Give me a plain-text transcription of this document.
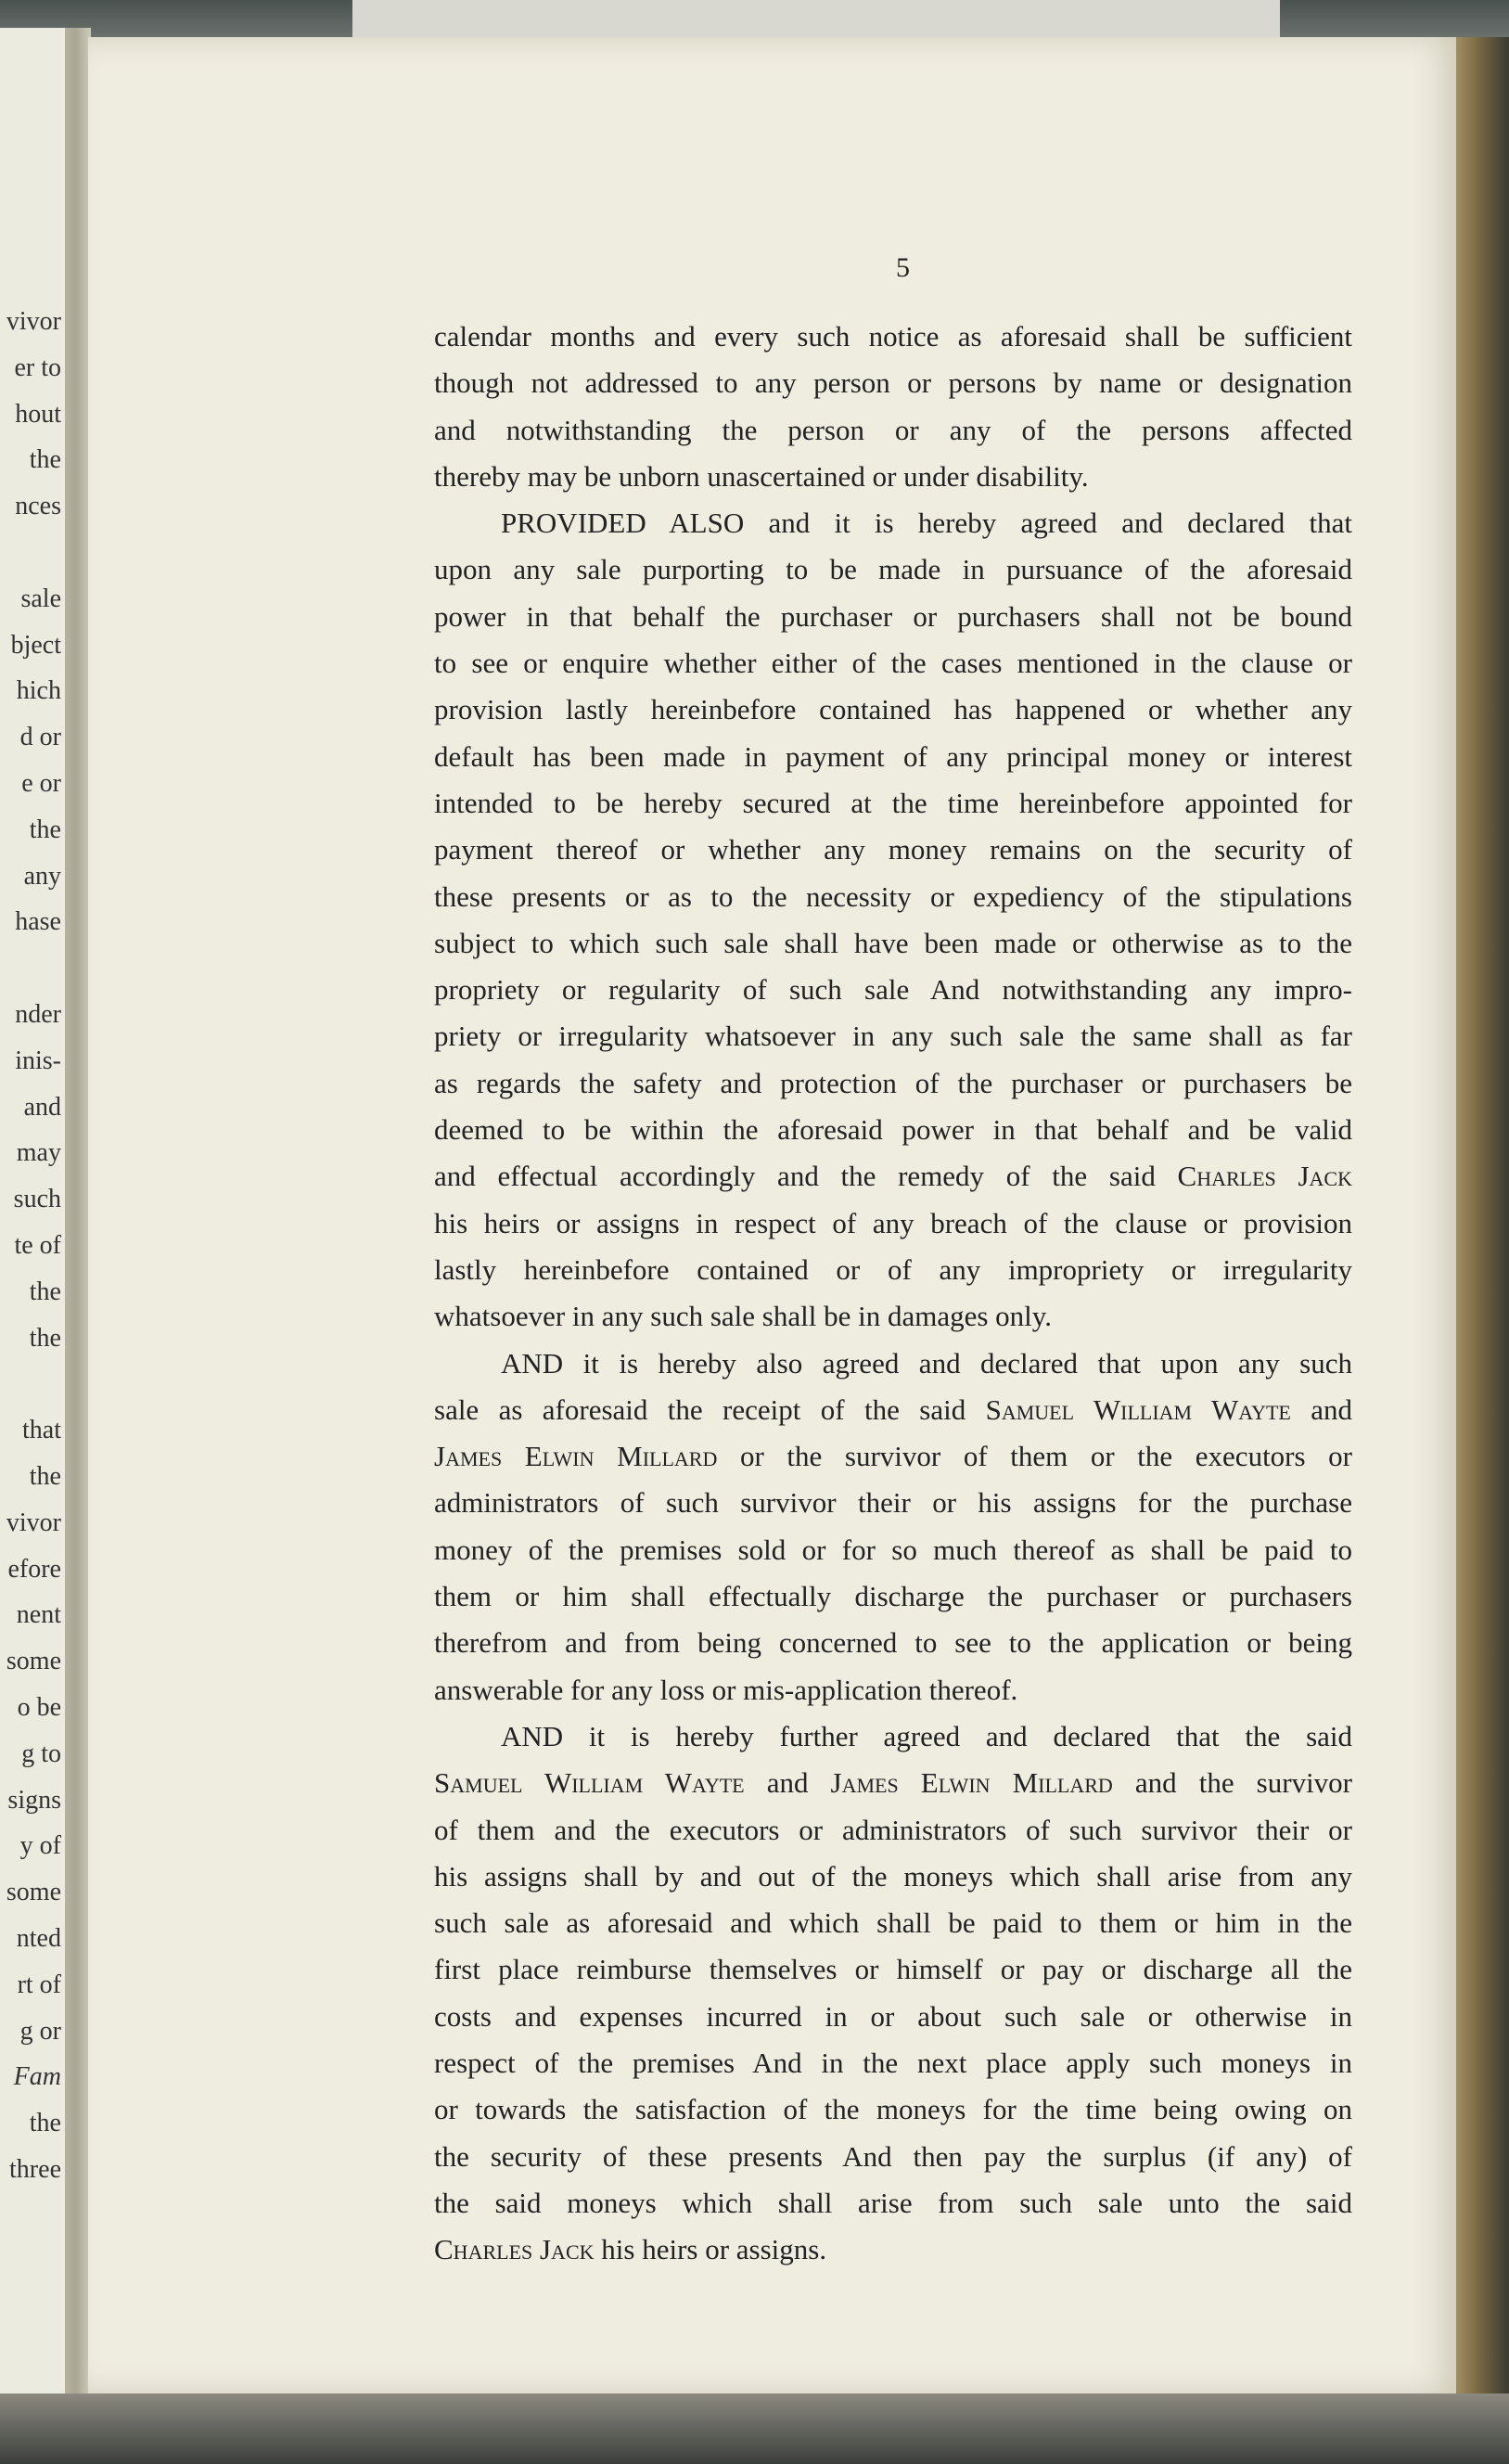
vivor
er to
hout
the
nces
sale
bject
hich
d or
e or
the
any
hase
nder
inis-
and
may
such
te of
the
the
that
the
vivor
efore
nent
some
o be
g to
signs
y of
some
nted
rt of
g or
Fam
the
three
5
calendar months and every such notice as aforesaid shall be sufficient
though not addressed to any person or persons by name or designation
and notwithstanding the person or any of the persons affected
thereby may be unborn unascertained or under disability.
PROVIDED ALSO and it is hereby agreed and declared that
upon any sale purporting to be made in pursuance of the aforesaid
power in that behalf the purchaser or purchasers shall not be bound
to see or enquire whether either of the cases mentioned in the clause or
provision lastly hereinbefore contained has happened or whether any
default has been made in payment of any principal money or interest
intended to be hereby secured at the time hereinbefore appointed for
payment thereof or whether any money remains on the security of
these presents or as to the necessity or expediency of the stipulations
subject to which such sale shall have been made or otherwise as to the
propriety or regularity of such sale And notwithstanding any impro-
priety or irregularity whatsoever in any such sale the same shall as far
as regards the safety and protection of the purchaser or purchasers be
deemed to be within the aforesaid power in that behalf and be valid
and effectual accordingly and the remedy of the said Charles Jack
his heirs or assigns in respect of any breach of the clause or provision
lastly hereinbefore contained or of any impropriety or irregularity
whatsoever in any such sale shall be in damages only.
AND it is hereby also agreed and declared that upon any such
sale as aforesaid the receipt of the said Samuel William Wayte and
James Elwin Millard or the survivor of them or the executors or
administrators of such survivor their or his assigns for the purchase
money of the premises sold or for so much thereof as shall be paid to
them or him shall effectually discharge the purchaser or purchasers
therefrom and from being concerned to see to the application or being
answerable for any loss or mis-application thereof.
AND it is hereby further agreed and declared that the said
Samuel William Wayte and James Elwin Millard and the survivor
of them and the executors or administrators of such survivor their or
his assigns shall by and out of the moneys which shall arise from any
such sale as aforesaid and which shall be paid to them or him in the
first place reimburse themselves or himself or pay or discharge all the
costs and expenses incurred in or about such sale or otherwise in
respect of the premises And in the next place apply such moneys in
or towards the satisfaction of the moneys for the time being owing on
the security of these presents And then pay the surplus (if any) of
the said moneys which shall arise from such sale unto the said
Charles Jack his heirs or assigns.
